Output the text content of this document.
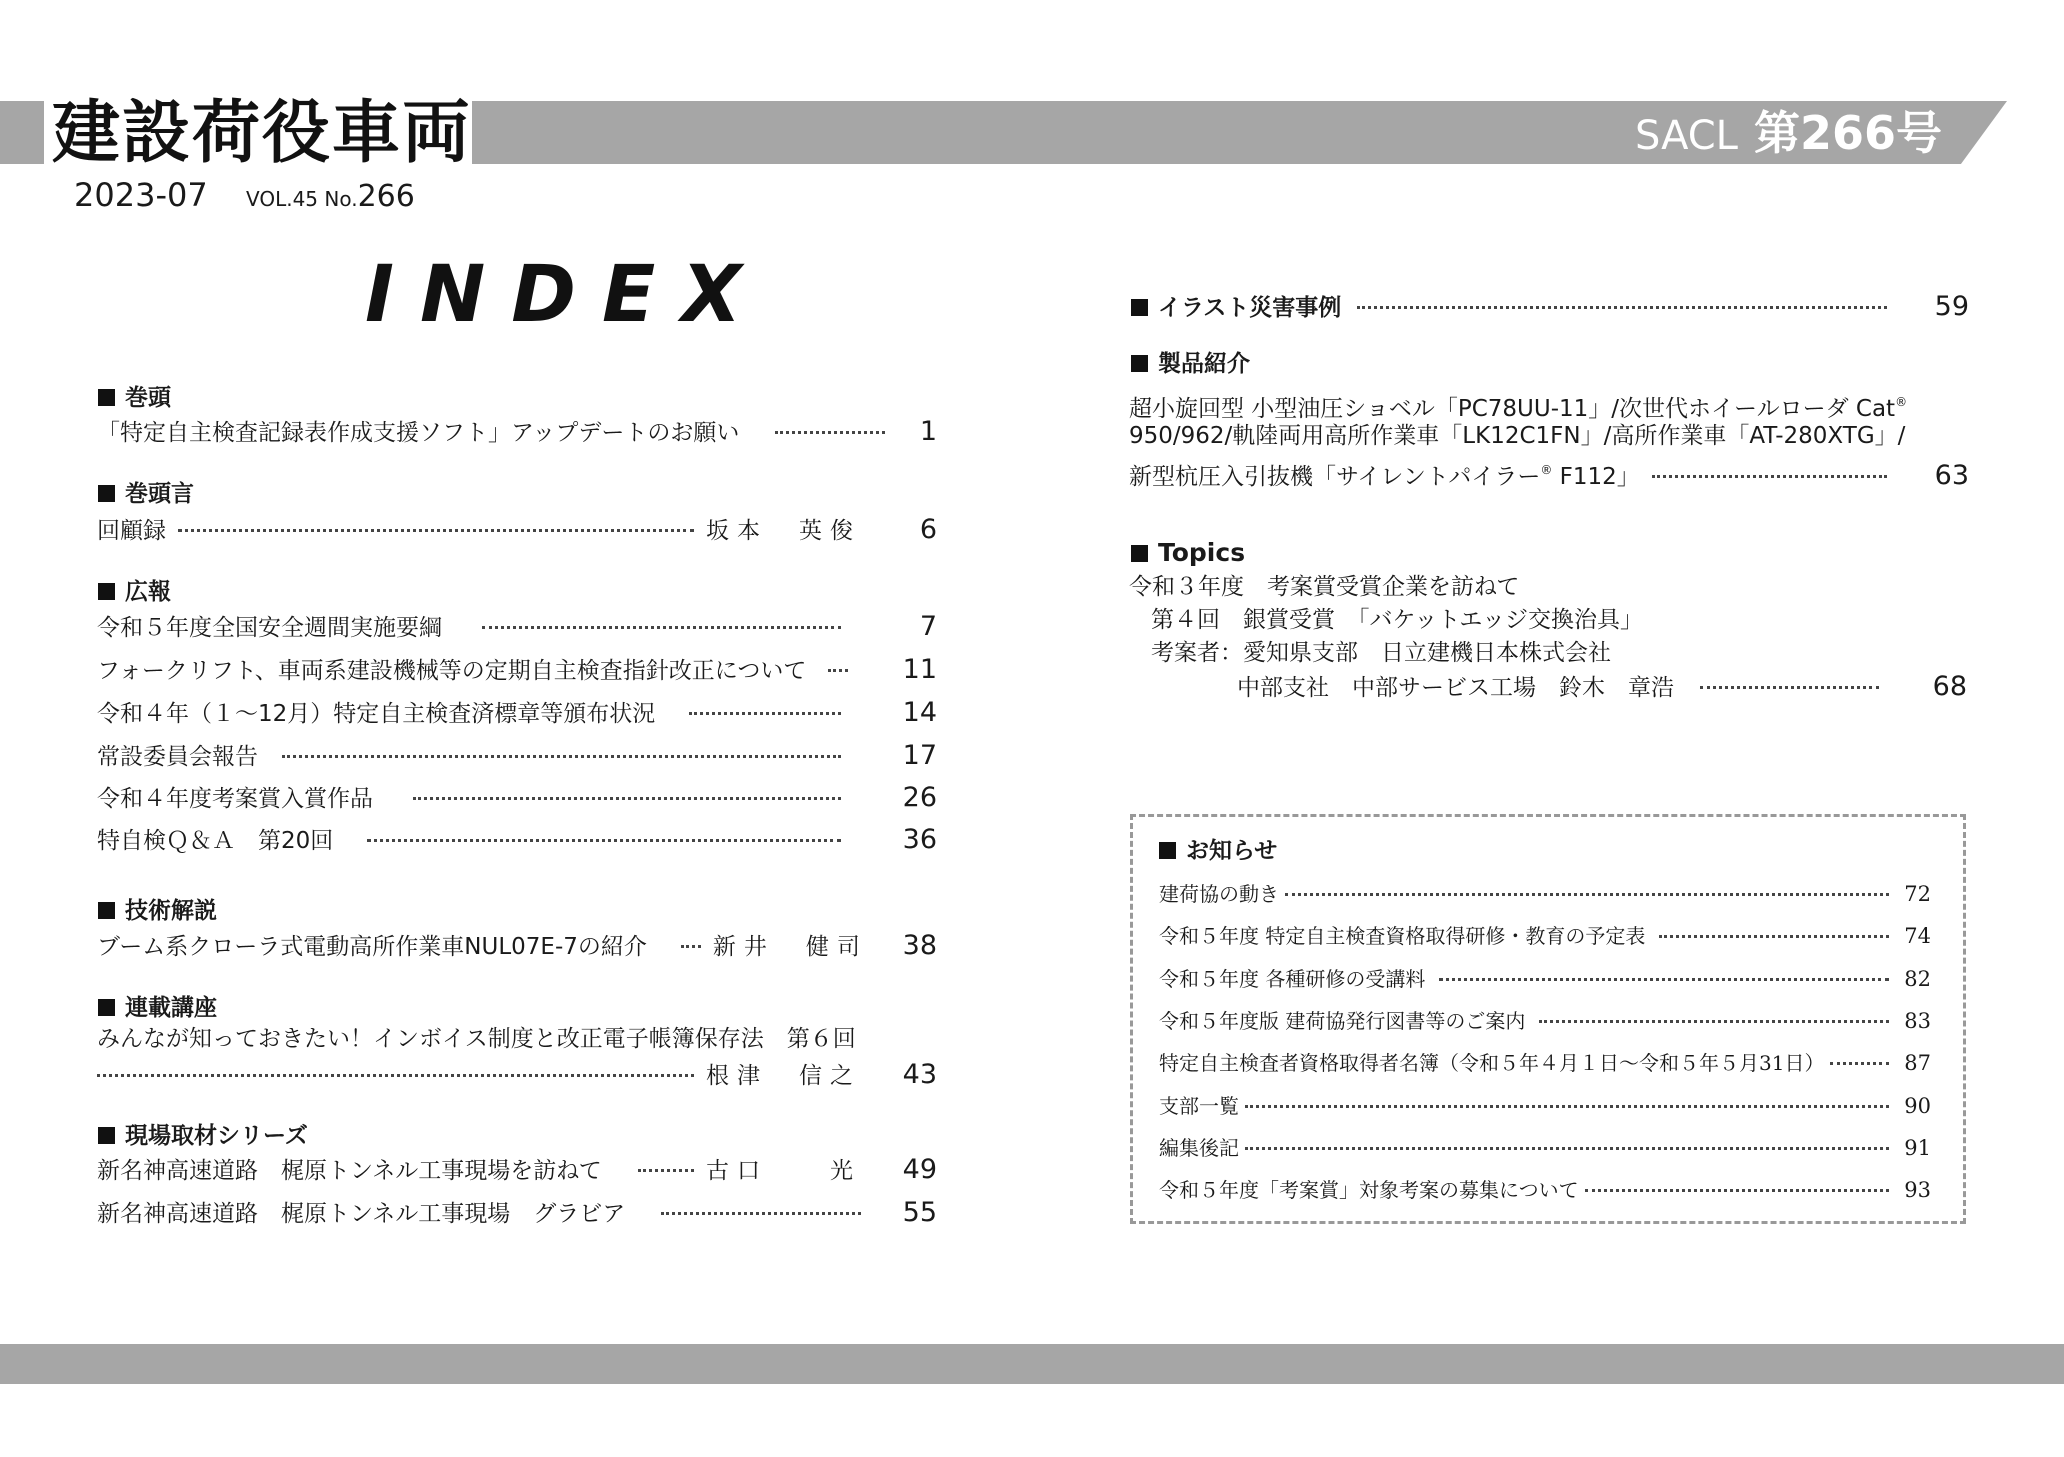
建設荷役車両	SACL 第266号
2023-07 VOL.45 No.266
INDEX
巻頭
「特定自主検査記録表作成支援ソフト」アップデートのお願い	1
巻頭言
回顧録	坂本　英俊	6
広報
令和５年度全国安全週間実施要綱	7
フォークリフト、車両系建設機械等の定期自主検査指針改正について	11
令和４年（１～12月）特定自主検査済標章等頒布状況	14
常設委員会報告	17
令和４年度考案賞入賞作品	26
特自検Ｑ＆Ａ　第20回	36
技術解説
ブーム系クローラ式電動高所作業車NUL07E-7の紹介	新井　健司 38
連載講座
みんなが知っておきたい！インボイス制度と改正電子帳簿保存法　第６回
根津　信之	43
現場取材シリーズ
新名神高速道路　梶原トンネル工事現場を訪ねて	古口　　光	49
新名神高速道路　梶原トンネル工事現場　グラビア	55
イラスト災害事例	59
製品紹介
超小旋回型 小型油圧ショベル「PC78UU-11」/次世代ホイールローダ Cat®
950/962/軌陸両用高所作業車「LK12C1FN」/高所作業車「AT-280XTG」/
新型杭圧入引抜機「サイレントパイラー® F112」	63
Topics
令和３年度　考案賞受賞企業を訪ねて
第４回　銀賞受賞　「バケットエッジ交換治具」
考案者：愛知県支部　日立建機日本株式会社
中部支社　中部サービス工場　鈴木　章浩	68
お知らせ
建荷協の動き	72
令和５年度 特定自主検査資格取得研修・教育の予定表	74
令和５年度 各種研修の受講料	82
令和５年度版 建荷協発行図書等のご案内	83
特定自主検査者資格取得者名簿（令和５年４月１日～令和５年５月31日）	87
支部一覧	90
編集後記	91
令和５年度「考案賞」対象考案の募集について	93
